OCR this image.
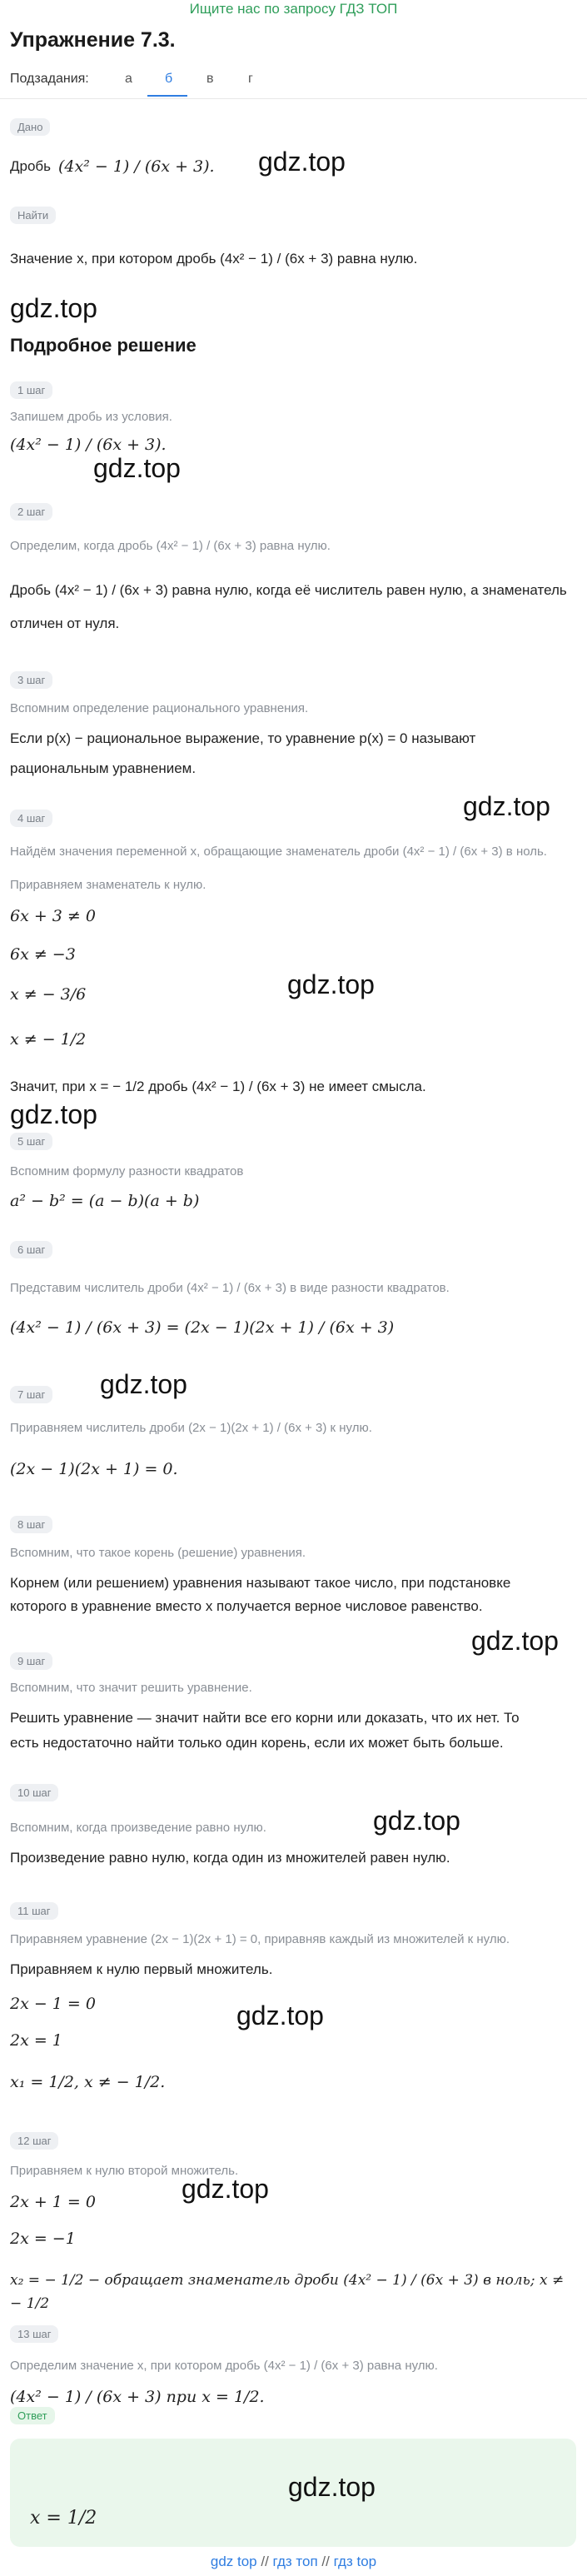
Ищите нас по запросу ГДЗ ТОП
Упражнение 7.3.
Подзадания:	а б	в	г
Дано
Дробь (4x² − 1) / (6x + 3). gdz.top
Найти
Значение x, при котором дробь (4x² − 1) / (6x + 3) равна нулю.
gdz.top
Подробное решение
1 шаг
Запишем дробь из условия.
(4x² − 1) / (6x + 3).
gdz.top
2 шаг
Определим, когда дробь (4x² − 1) / (6x + 3) равна нулю.
Дробь (4x² − 1) / (6x + 3) равна нулю, когда её числитель равен нулю, а знаменатель
отличен от нуля.
3 шаг
Вспомним определение рационального уравнения.
Если p(x) − рациональное выражение, то уравнение p(x) = 0 называют
рациональным уравнением.
gdz.top
4 шаг
Найдём значения переменной x, обращающие знаменатель дроби (4x² − 1) / (6x + 3) в ноль.
Приравняем знаменатель к нулю.
6x + 3 ≠ 0
6x ≠ −3
gdz.top
x ≠ − 3/6
x ≠ − 1/2
Значит, при x = − 1/2 дробь (4x² − 1) / (6x + 3) не имеет смысла.
gdz.top
5 шаг
Вспомним формулу разности квадратов
a² − b² = (a − b)(a + b)
6 шаг
Представим числитель дроби (4x² − 1) / (6x + 3) в виде разности квадратов.
(4x² − 1) / (6x + 3) = (2x − 1)(2x + 1) / (6x + 3)
gdz.top
7 шаг
Приравняем числитель дроби (2x − 1)(2x + 1) / (6x + 3) к нулю.
(2x − 1)(2x + 1) = 0.
8 шаг
Вспомним, что такое корень (решение) уравнения.
Корнем (или решением) уравнения называют такое число, при подстановке
которого в уравнение вместо x получается верное числовое равенство.
gdz.top
9 шаг
Вспомним, что значит решить уравнение.
Решить уравнение — значит найти все его корни или доказать, что их нет. То
есть недостаточно найти только один корень, если их может быть больше.
10 шаг
gdz.top
Вспомним, когда произведение равно нулю.
Произведение равно нулю, когда один из множителей равен нулю.
11 шаг
Приравняем уравнение (2x − 1)(2x + 1) = 0, приравняв каждый из множителей к нулю.
Приравняем к нулю первый множитель.
2x − 1 = 0	gdz.top
2x = 1
x₁ = 1/2, x ≠ − 1/2.
12 шаг
Приравняем к нулю второй множитель.
gdz.top
2x + 1 = 0
2x = −1
x₂ = − 1/2 − обращает знаменатель дроби (4x² − 1) / (6x + 3) в ноль; x ≠ − 1/2
13 шаг
Определим значение x, при котором дробь (4x² − 1) / (6x + 3) равна нулю.
(4x² − 1) / (6x + 3) при x = 1/2.
Ответ
x = 1/2
gdz.top
gdz top // гдз топ // гдз top
